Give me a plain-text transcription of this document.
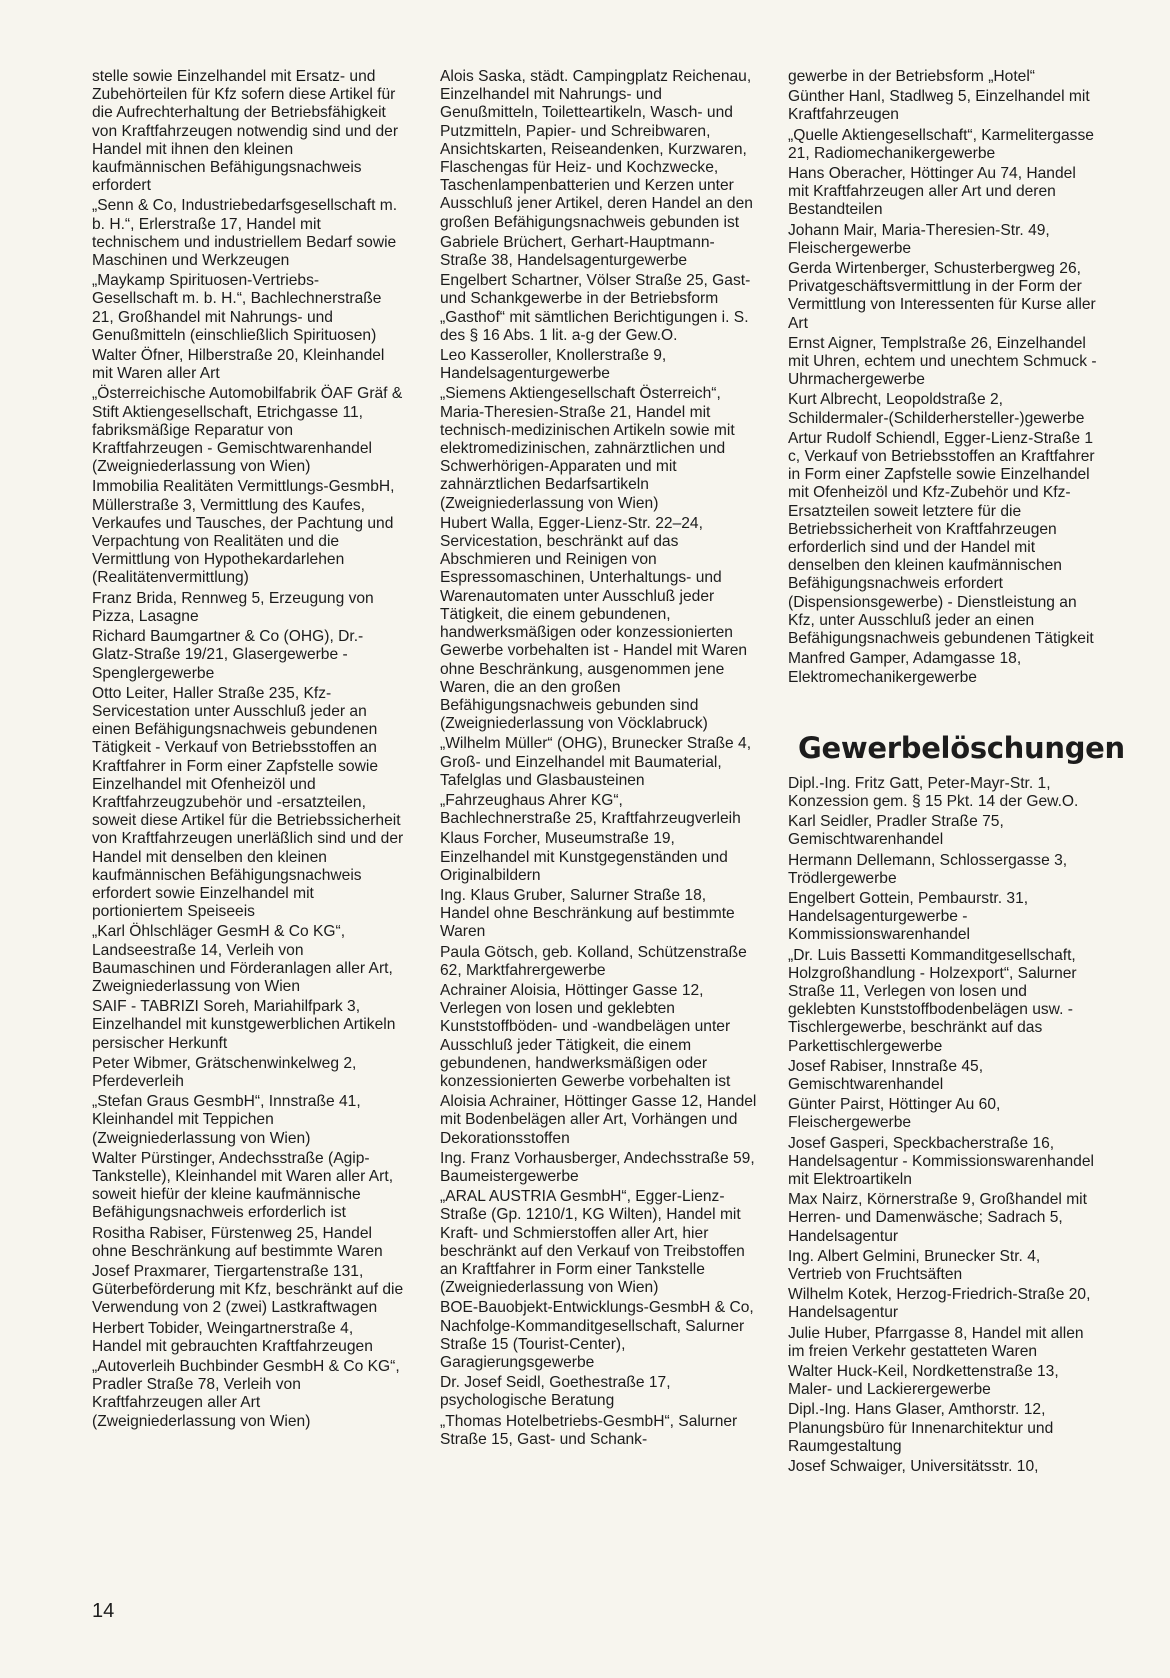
stelle sowie Einzelhandel mit Ersatz- und Zubehörteilen für Kfz sofern diese Artikel für die Aufrechterhaltung der Betriebsfähigkeit von Kraftfahrzeugen notwendig sind und der Handel mit ihnen den kleinen kaufmännischen Befähigungsnachweis erfordert
„Senn & Co, Industriebedarfsgesellschaft m. b. H.“, Erlerstraße 17, Handel mit technischem und industriellem Bedarf sowie Maschinen und Werkzeugen
„Maykamp Spirituosen-Vertriebs-Gesellschaft m. b. H.“, Bachlechnerstraße 21, Großhandel mit Nahrungs- und Genußmitteln (einschließlich Spirituosen)
Walter Öfner, Hilberstraße 20, Kleinhandel mit Waren aller Art
„Österreichische Automobilfabrik ÖAF Gräf & Stift Aktiengesellschaft, Etrichgasse 11, fabriksmäßige Reparatur von Kraftfahrzeugen - Gemischtwarenhandel (Zweigniederlassung von Wien)
Immobilia Realitäten Vermittlungs-GesmbH, Müllerstraße 3, Vermittlung des Kaufes, Verkaufes und Tausches, der Pachtung und Verpachtung von Realitäten und die Vermittlung von Hypothekardarlehen (Realitätenvermittlung)
Franz Brida, Rennweg 5, Erzeugung von Pizza, Lasagne
Richard Baumgartner & Co (OHG), Dr.-Glatz-Straße 19/21, Glasergewerbe - Spenglergewerbe
Otto Leiter, Haller Straße 235, Kfz-Servicestation unter Ausschluß jeder an einen Befähigungsnachweis gebundenen Tätigkeit - Verkauf von Betriebsstoffen an Kraftfahrer in Form einer Zapfstelle sowie Einzelhandel mit Ofenheizöl und Kraftfahrzeugzubehör und -ersatzteilen, soweit diese Artikel für die Betriebssicherheit von Kraftfahrzeugen unerläßlich sind und der Handel mit denselben den kleinen kaufmännischen Befähigungsnachweis erfordert sowie Einzelhandel mit portioniertem Speiseeis
„Karl Öhlschläger GesmH & Co KG“, Landseestraße 14, Verleih von Baumaschinen und Förderanlagen aller Art, Zweigniederlassung von Wien
SAIF - TABRIZI Soreh, Mariahilfpark 3, Einzelhandel mit kunstgewerblichen Artikeln persischer Herkunft
Peter Wibmer, Grätschenwinkelweg 2, Pferdeverleih
„Stefan Graus GesmbH“, Innstraße 41, Kleinhandel mit Teppichen (Zweigniederlassung von Wien)
Walter Pürstinger, Andechsstraße (Agip-Tankstelle), Kleinhandel mit Waren aller Art, soweit hiefür der kleine kaufmännische Befähigungsnachweis erforderlich ist
Rositha Rabiser, Fürstenweg 25, Handel ohne Beschränkung auf bestimmte Waren
Josef Praxmarer, Tiergartenstraße 131, Güterbeförderung mit Kfz, beschränkt auf die Verwendung von 2 (zwei) Lastkraftwagen
Herbert Tobider, Weingartnerstraße 4, Handel mit gebrauchten Kraftfahrzeugen
„Autoverleih Buchbinder GesmbH & Co KG“, Pradler Straße 78, Verleih von Kraftfahrzeugen aller Art (Zweigniederlassung von Wien)
Alois Saska, städt. Campingplatz Reichenau, Einzelhandel mit Nahrungs- und Genußmitteln, Toiletteartikeln, Wasch- und Putzmitteln, Papier- und Schreibwaren, Ansichtskarten, Reiseandenken, Kurzwaren, Flaschengas für Heiz- und Kochzwecke, Taschenlampenbatterien und Kerzen unter Ausschluß jener Artikel, deren Handel an den großen Befähigungsnachweis gebunden ist
Gabriele Brüchert, Gerhart-Hauptmann-Straße 38, Handelsagenturgewerbe
Engelbert Schartner, Völser Straße 25, Gast- und Schankgewerbe in der Betriebsform „Gasthof“ mit sämtlichen Berichtigungen i. S. des § 16 Abs. 1 lit. a-g der Gew.O.
Leo Kasseroller, Knollerstraße 9, Handelsagenturgewerbe
„Siemens Aktiengesellschaft Österreich“, Maria-Theresien-Straße 21, Handel mit technisch-medizinischen Artikeln sowie mit elektromedizinischen, zahnärztlichen und Schwerhörigen-Apparaten und mit zahnärztlichen Bedarfsartikeln (Zweigniederlassung von Wien)
Hubert Walla, Egger-Lienz-Str. 22–24, Servicestation, beschränkt auf das Abschmieren und Reinigen von Espressomaschinen, Unterhaltungs- und Warenautomaten unter Ausschluß jeder Tätigkeit, die einem gebundenen, handwerksmäßigen oder konzessionierten Gewerbe vorbehalten ist - Handel mit Waren ohne Beschränkung, ausgenommen jene Waren, die an den großen Befähigungsnachweis gebunden sind (Zweigniederlassung von Vöcklabruck)
„Wilhelm Müller“ (OHG), Brunecker Straße 4, Groß- und Einzelhandel mit Baumaterial, Tafelglas und Glasbausteinen
„Fahrzeughaus Ahrer KG“, Bachlechnerstraße 25, Kraftfahrzeugverleih
Klaus Forcher, Museumstraße 19, Einzelhandel mit Kunstgegenständen und Originalbildern
Ing. Klaus Gruber, Salurner Straße 18, Handel ohne Beschränkung auf bestimmte Waren
Paula Götsch, geb. Kolland, Schützenstraße 62, Marktfahrergewerbe
Achrainer Aloisia, Höttinger Gasse 12, Verlegen von losen und geklebten Kunststoffböden- und -wandbelägen unter Ausschluß jeder Tätigkeit, die einem gebundenen, handwerksmäßigen oder konzessionierten Gewerbe vorbehalten ist
Aloisia Achrainer, Höttinger Gasse 12, Handel mit Bodenbelägen aller Art, Vorhängen und Dekorationsstoffen
Ing. Franz Vorhausberger, Andechsstraße 59, Baumeistergewerbe
„ARAL AUSTRIA GesmbH“, Egger-Lienz-Straße (Gp. 1210/1, KG Wilten), Handel mit Kraft- und Schmierstoffen aller Art, hier beschränkt auf den Verkauf von Treibstoffen an Kraftfahrer in Form einer Tankstelle (Zweigniederlassung von Wien)
BOE-Bauobjekt-Entwicklungs-GesmbH & Co, Nachfolge-Kommanditgesellschaft, Salurner Straße 15 (Tourist-Center), Garagierungsgewerbe
Dr. Josef Seidl, Goethestraße 17, psychologische Beratung
„Thomas Hotelbetriebs-GesmbH“, Salurner Straße 15, Gast- und Schank-
gewerbe in der Betriebsform „Hotel“
Günther Hanl, Stadlweg 5, Einzelhandel mit Kraftfahrzeugen
„Quelle Aktiengesellschaft“, Karmelitergasse 21, Radiomechanikergewerbe
Hans Oberacher, Höttinger Au 74, Handel mit Kraftfahrzeugen aller Art und deren Bestandteilen
Johann Mair, Maria-Theresien-Str. 49, Fleischergewerbe
Gerda Wirtenberger, Schusterbergweg 26, Privatgeschäftsvermittlung in der Form der Vermittlung von Interessenten für Kurse aller Art
Ernst Aigner, Templstraße 26, Einzelhandel mit Uhren, echtem und unechtem Schmuck - Uhrmachergewerbe
Kurt Albrecht, Leopoldstraße 2, Schildermaler-(Schilderhersteller-)gewerbe
Artur Rudolf Schiendl, Egger-Lienz-Straße 1 c, Verkauf von Betriebsstoffen an Kraftfahrer in Form einer Zapfstelle sowie Einzelhandel mit Ofenheizöl und Kfz-Zubehör und Kfz-Ersatzteilen soweit letztere für die Betriebssicherheit von Kraftfahrzeugen erforderlich sind und der Handel mit denselben den kleinen kaufmännischen Befähigungsnachweis erfordert (Dispensionsgewerbe) - Dienstleistung an Kfz, unter Ausschluß jeder an einen Befähigungsnachweis gebundenen Tätigkeit
Manfred Gamper, Adamgasse 18, Elektromechanikergewerbe
Gewerbelöschungen
Dipl.-Ing. Fritz Gatt, Peter-Mayr-Str. 1, Konzession gem. § 15 Pkt. 14 der Gew.O.
Karl Seidler, Pradler Straße 75, Gemischtwarenhandel
Hermann Dellemann, Schlossergasse 3, Trödlergewerbe
Engelbert Gottein, Pembaurstr. 31, Handelsagenturgewerbe - Kommissionswarenhandel
„Dr. Luis Bassetti Kommanditgesellschaft, Holzgroßhandlung - Holzexport“, Salurner Straße 11, Verlegen von losen und geklebten Kunststoffbodenbelägen usw. - Tischlergewerbe, beschränkt auf das Parkettischlergewerbe
Josef Rabiser, Innstraße 45, Gemischtwarenhandel
Günter Pairst, Höttinger Au 60, Fleischergewerbe
Josef Gasperi, Speckbacherstraße 16, Handelsagentur - Kommissionswarenhandel mit Elektroartikeln
Max Nairz, Körnerstraße 9, Großhandel mit Herren- und Damenwäsche; Sadrach 5, Handelsagentur
Ing. Albert Gelmini, Brunecker Str. 4, Vertrieb von Fruchtsäften
Wilhelm Kotek, Herzog-Friedrich-Straße 20, Handelsagentur
Julie Huber, Pfarrgasse 8, Handel mit allen im freien Verkehr gestatteten Waren
Walter Huck-Keil, Nordkettenstraße 13, Maler- und Lackierergewerbe
Dipl.-Ing. Hans Glaser, Amthorstr. 12, Planungsbüro für Innenarchitektur und Raumgestaltung
Josef Schwaiger, Universitätsstr. 10,
14
